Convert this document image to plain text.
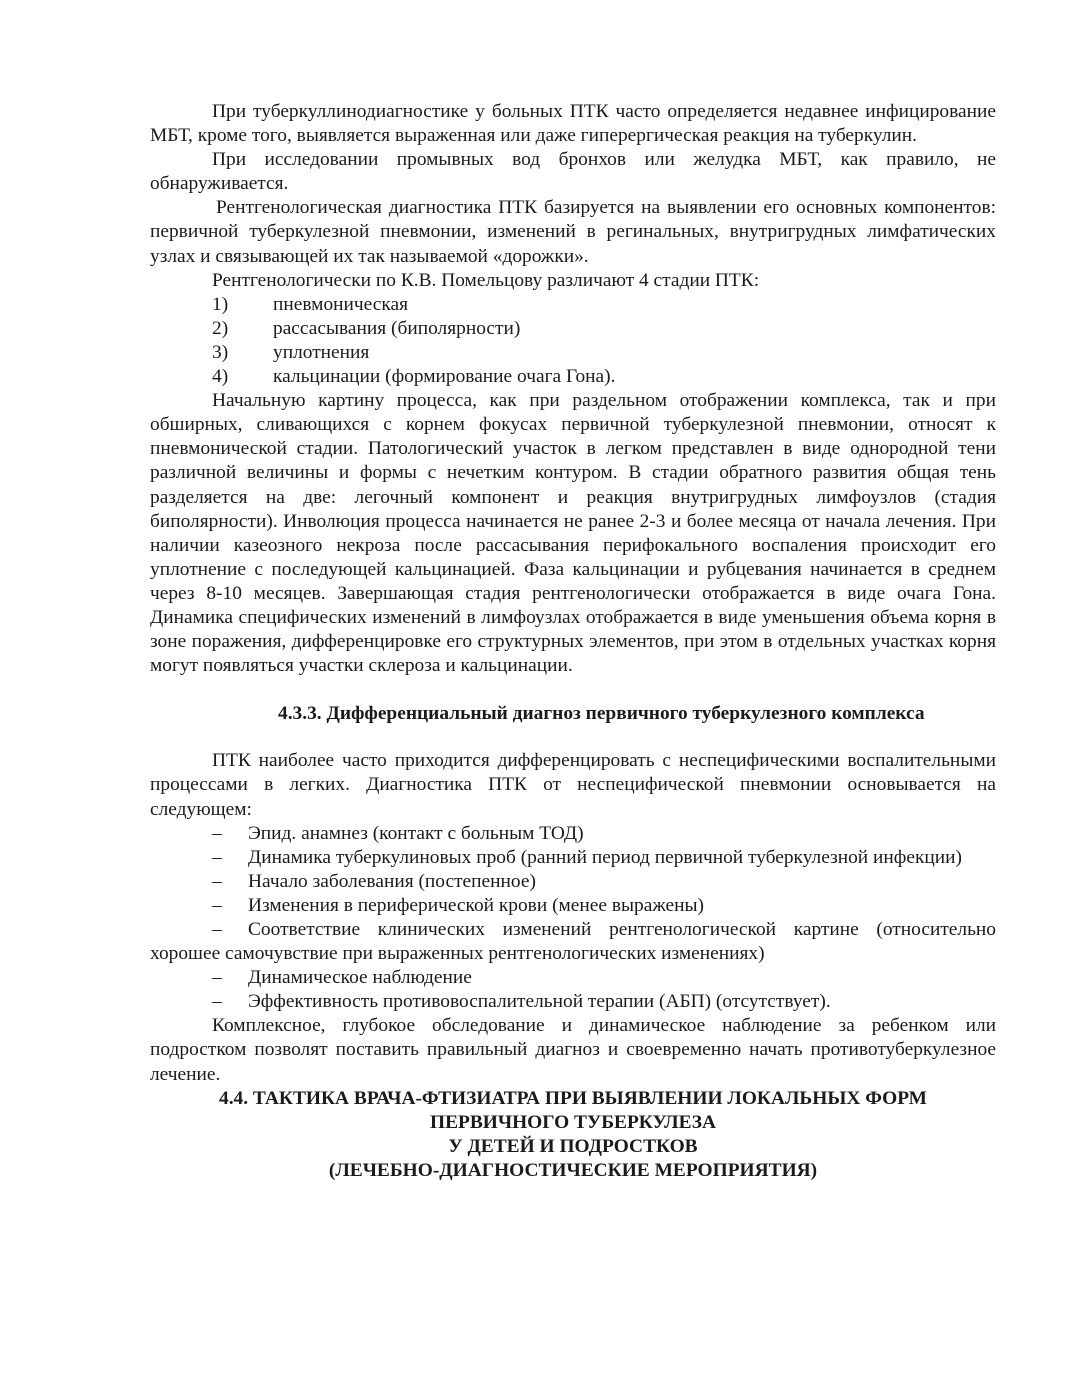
При туберкуллинодиагностике у больных ПТК часто определяется недавнее инфицирование МБТ, кроме того, выявляется выраженная или даже гиперергическая реакция на туберкулин.

При исследовании промывных вод бронхов или желудка МБТ, как правило, не обнаруживается.

Рентгенологическая диагностика ПТК базируется на выявлении его основных компонентов: первичной туберкулезной пневмонии, изменений в регинальных, внутригрудных лимфатических узлах и связывающей их так называемой «дорожки».

Рентгенологически по К.В. Помельцову различают 4 стадии ПТК:

1) пневмоническая
2) рассасывания (биполярности)
3) уплотнения
4) кальцинации (формирование очага Гона).

Начальную картину процесса, как при раздельном отображении комплекса, так и при обширных, сливающихся с корнем фокусах первичной туберкулезной пневмонии, относят к пневмонической стадии. Патологический участок в легком представлен в виде однородной тени различной величины и формы с нечетким контуром. В стадии обратного развития общая тень разделяется на две: легочный компонент и реакция внутригрудных лимфоузлов (стадия биполярности). Инволюция процесса начинается не ранее 2-3 и более месяца от начала лечения. При наличии казеозного некроза после рассасывания перифокального воспаления происходит его уплотнение с последующей кальцинацией. Фаза кальцинации и рубцевания начинается в среднем через 8-10 месяцев. Завершающая стадия рентгенологически отображается в виде очага Гона. Динамика специфических изменений в лимфоузлах отображается в виде уменьшения объема корня в зоне поражения, дифференцировке его структурных элементов, при этом в отдельных участках корня могут появляться участки склероза и кальцинации.

4.3.3. Дифференциальный диагноз первичного туберкулезного комплекса

ПТК наиболее часто приходится дифференцировать с неспецифическими воспалительными процессами в легких. Диагностика ПТК от неспецифической пневмонии основывается на следующем:

– Эпид. анамнез (контакт с больным ТОД)
– Динамика туберкулиновых проб (ранний период первичной туберкулезной инфекции)
– Начало заболевания (постепенное)
– Изменения в периферической крови (менее выражены)
– Соответствие клинических изменений рентгенологической картине (относительно хорошее самочувствие при выраженных рентгенологических изменениях)
– Динамическое наблюдение
– Эффективность противовоспалительной терапии (АБП) (отсутствует).

Комплексное, глубокое обследование и динамическое наблюдение за ребенком или подростком позволят поставить правильный диагноз и своевременно начать противотуберкулезное лечение.

4.4. ТАКТИКА ВРАЧА-ФТИЗИАТРА ПРИ ВЫЯВЛЕНИИ ЛОКАЛЬНЫХ ФОРМ
ПЕРВИЧНОГО ТУБЕРКУЛЕЗА
У ДЕТЕЙ И ПОДРОСТКОВ
(ЛЕЧЕБНО-ДИАГНОСТИЧЕСКИЕ МЕРОПРИЯТИЯ)
